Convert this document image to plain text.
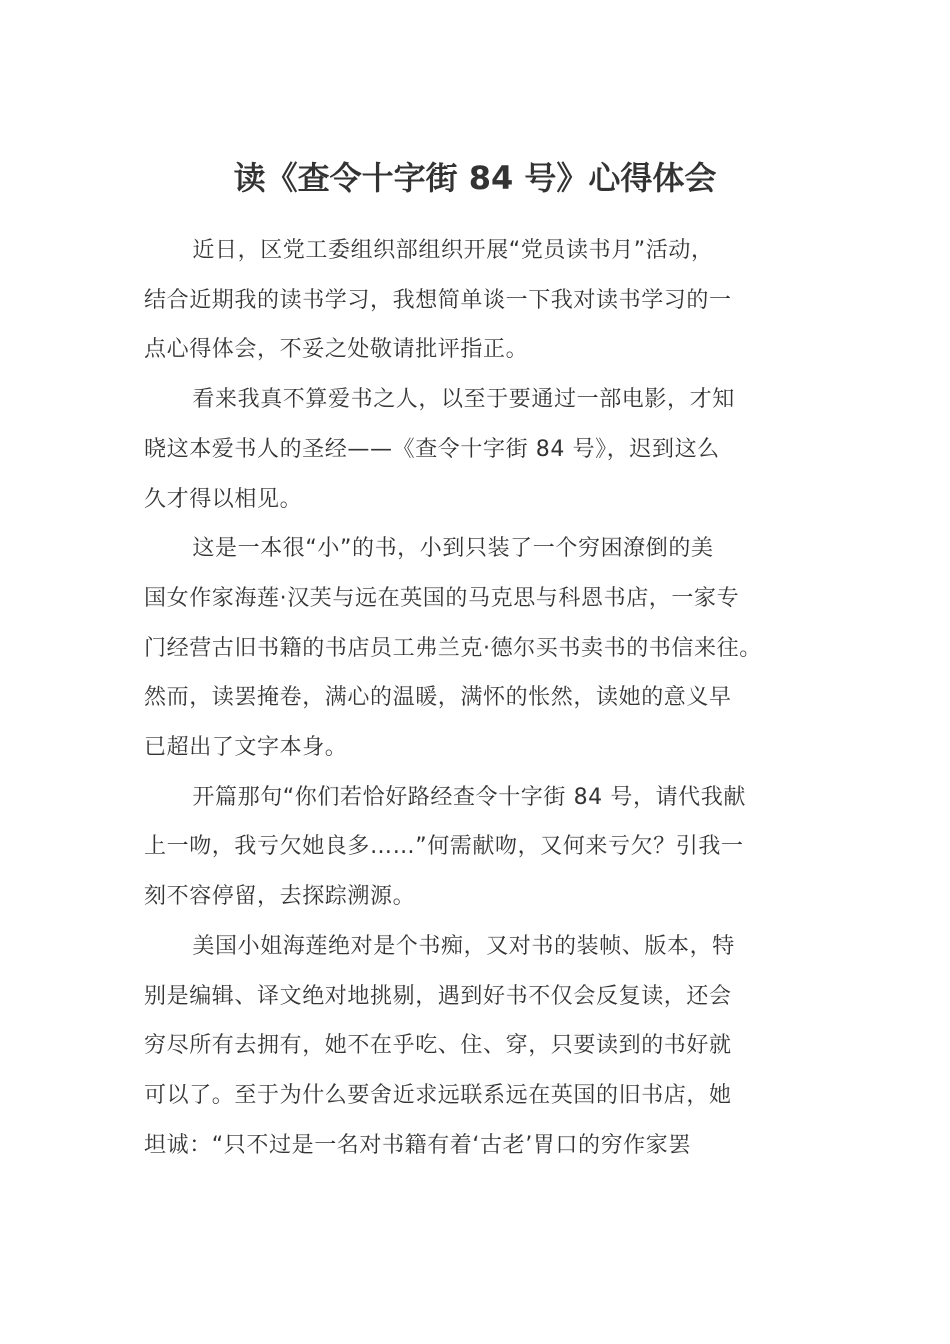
读《查令十字街 84 号》心得体会

近日，区党工委组织部组织开展“党员读书月”活动，
结合近期我的读书学习，我想简单谈一下我对读书学习的一
点心得体会，不妥之处敬请批评指正。

看来我真不算爱书之人，以至于要通过一部电影，才知
晓这本爱书人的圣经——《查令十字街 84 号》，迟到这么
久才得以相见。

这是一本很“小”的书，小到只装了一个穷困潦倒的美
国女作家海莲·汉芙与远在英国的马克思与科恩书店，一家专
门经营古旧书籍的书店员工弗兰克·德尔买书卖书的书信来往。
然而，读罢掩卷，满心的温暖，满怀的怅然，读她的意义早
已超出了文字本身。

开篇那句“你们若恰好路经查令十字街 84 号，请代我献
上一吻，我亏欠她良多……”何需献吻，又何来亏欠？引我一
刻不容停留，去探踪溯源。

美国小姐海莲绝对是个书痴，又对书的装帧、版本，特
别是编辑、译文绝对地挑剔，遇到好书不仅会反复读，还会
穷尽所有去拥有，她不在乎吃、住、穿，只要读到的书好就
可以了。至于为什么要舍近求远联系远在英国的旧书店，她
坦诚：“只不过是一名对书籍有着‘古老’胃口的穷作家罢
